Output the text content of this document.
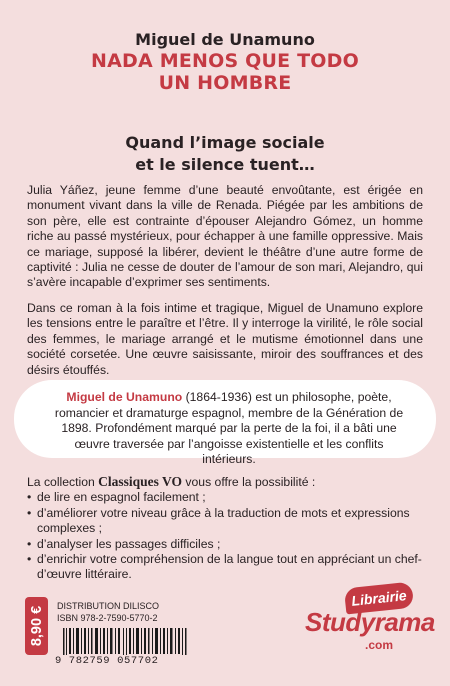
Miguel de Unamuno
NADA MENOS QUE TODO
UN HOMBRE
Quand l’image sociale
et le silence tuent…
Julia Yáñez, jeune femme d’une beauté envoûtante, est érigée en monument vivant dans la ville de Renada. Piégée par les ambitions de son père, elle est contrainte d’épouser Alejandro Gómez, un homme riche au passé mystérieux, pour échapper à une famille oppressive. Mais ce mariage, supposé la libérer, devient le théâtre d’une autre forme de captivité : Julia ne cesse de douter de l’amour de son mari, Alejandro, qui s’avère incapable d’exprimer ses sentiments.
Dans ce roman à la fois intime et tragique, Miguel de Unamuno explore les tensions entre le paraître et l’être. Il y interroge la virilité, le rôle social des femmes, le mariage arrangé et le mutisme émotionnel dans une société corsetée. Une œuvre saisissante, miroir des souffrances et des désirs étouffés.
Miguel de Unamuno (1864-1936) est un philosophe, poète, romancier et dramaturge espagnol, membre de la Génération de 1898. Profondément marqué par la perte de la foi, il a bâti une œuvre traversée par l’angoisse existentielle et les conflits intérieurs.
La collection Classiques VO vous offre la possibilité :
• de lire en espagnol facilement ;
• d’améliorer votre niveau grâce à la traduction de mots et expressions complexes ;
• d’analyser les passages difficiles ;
• d’enrichir votre compréhension de la langue tout en appréciant un chef-d’œuvre littéraire.
8,90 € DISTRIBUTION DILISCO
ISBN 978-2-7590-5770-2
9 782759 057702
Librairie
Studyrama
.com
